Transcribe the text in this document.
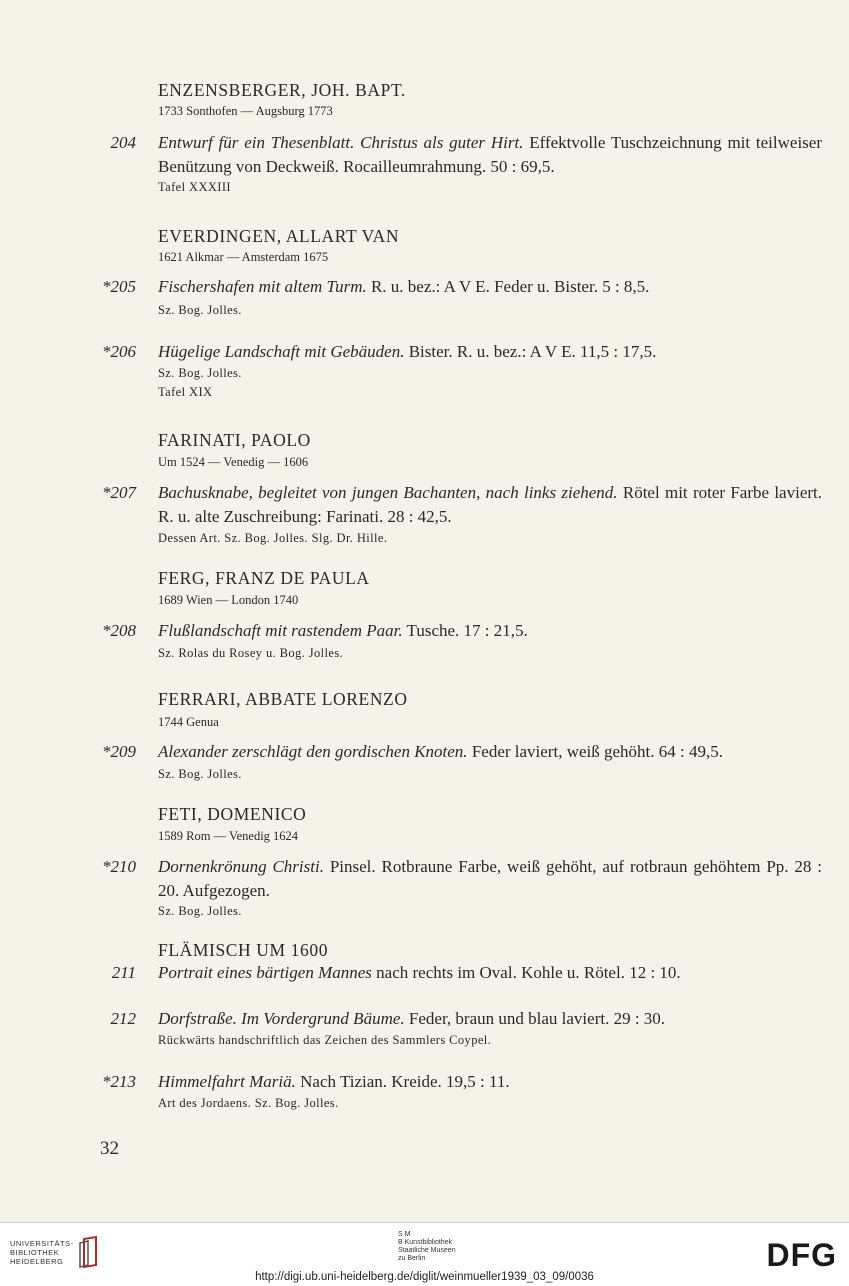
ENZENSBERGER, JOH. BAPT.
1733 Sonthofen — Augsburg 1773
204 Entwurf für ein Thesenblatt. Christus als guter Hirt. Effektvolle Tuschzeichnung mit teilweiser Benützung von Deckweiß. Rocailleumrahmung. 50 : 69,5.
Tafel XXXIII
EVERDINGEN, ALLART VAN
1621 Alkmar — Amsterdam 1675
*205 Fischershafen mit altem Turm. R. u. bez.: A V E. Feder u. Bister. 5 : 8,5.
Sz. Bog. Jolles.
*206 Hügelige Landschaft mit Gebäuden. Bister. R. u. bez.: A V E. 11,5 : 17,5.
Sz. Bog. Jolles.
Tafel XIX
FARINATI, PAOLO
Um 1524 — Venedig — 1606
*207 Bachusknabe, begleitet von jungen Bachanten, nach links ziehend. Rötel mit roter Farbe laviert. R. u. alte Zuschreibung: Farinati. 28 : 42,5.
Dessen Art. Sz. Bog. Jolles. Slg. Dr. Hille.
FERG, FRANZ DE PAULA
1689 Wien — London 1740
*208 Flußlandschaft mit rastendem Paar. Tusche. 17 : 21,5.
Sz. Rolas du Rosey u. Bog. Jolles.
FERRARI, ABBATE LORENZO
1744 Genua
*209 Alexander zerschlägt den gordischen Knoten. Feder laviert, weiß gehöht. 64 : 49,5.
Sz. Bog. Jolles.
FETI, DOMENICO
1589 Rom — Venedig 1624
*210 Dornenkrönung Christi. Pinsel. Rotbraune Farbe, weiß gehöht, auf rotbraun gehöhtem Pp. 28 : 20. Aufgezogen.
Sz. Bog. Jolles.
FLÄMISCH UM 1600
211 Portrait eines bärtigen Mannes nach rechts im Oval. Kohle u. Rötel. 12 : 10.
212 Dorfstraße. Im Vordergrund Bäume. Feder, braun und blau laviert. 29 : 30.
Rückwärts handschriftlich das Zeichen des Sammlers Coypel.
*213 Himmelfahrt Mariä. Nach Tizian. Kreide. 19,5 : 11.
Art des Jordaens. Sz. Bog. Jolles.
32
UNIVERSITÄTS-
BIBLIOTHEK
HEIDELBERG
S M
B Kunstbibliothek
Staatliche Museen
zu Berlin	DFG
http://digi.ub.uni-heidelberg.de/diglit/weinmueller1939_03_09/0036
